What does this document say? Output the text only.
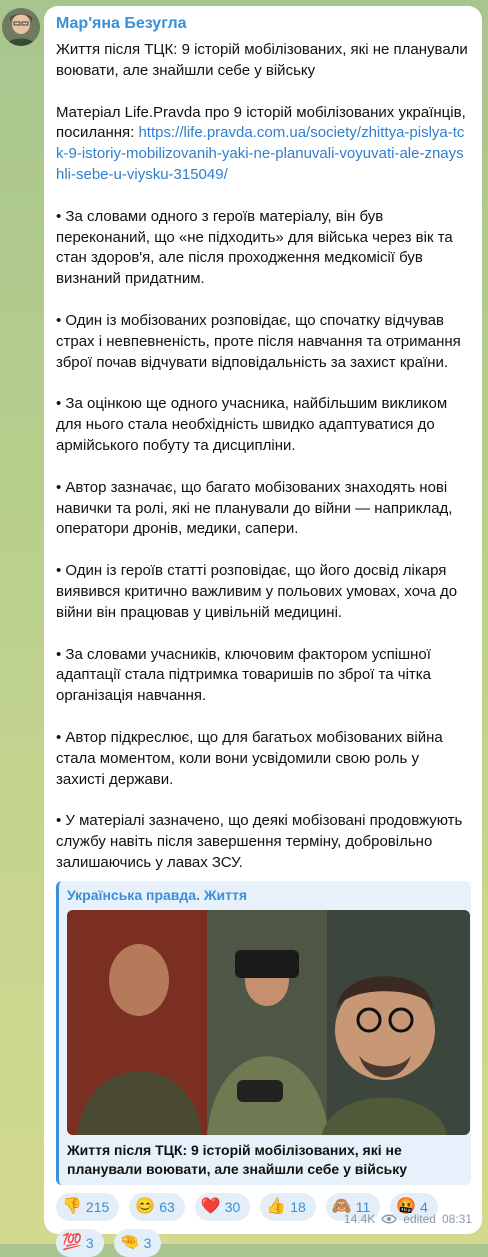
Мар'яна Безугла

Життя після ТЦК: 9 історій мобілізованих, які не планували воювати, але знайшли себе у війську

Матеріал Life.Pravda про 9 історій мобілізованих українців, посилання: https://life.pravda.com.ua/society/zhittya-pislya-tck-9-istoriy-mobilizovanih-yaki-ne-planuvali-voyuvati-ale-znayshli-sebe-u-viysku-315049/

• За словами одного з героїв матеріалу, він був переконаний, що «не підходить» для війська через вік та стан здоров'я, але після проходження медкомісії був визнаний придатним.

• Один із мобізованих розповідає, що спочатку відчував страх і невпевненість, проте після навчання та отримання зброї почав відчувати відповідальність за захист країни.

• За оцінкою ще одного учасника, найбільшим викликом для нього стала необхідність швидко адаптуватися до армійського побуту та дисципліни.

• Автор зазначає, що багато мобізованих знаходять нові навички та ролі, які не планували до війни — наприклад, оператори дронів, медики, сапери.

• Один із героїв статті розповідає, що його досвід лікаря виявився критично важливим у польових умовах, хоча до війни він працював у цивільній медицині.

• За словами учасників, ключовим фактором успішної адаптації стала підтримка товаришів по зброї та чітка організація навчання.

• Автор підкреслює, що для багатьох мобізованих війна стала моментом, коли вони усвідомили свою роль у захисті держави.

• У матеріалі зазначено, що деякі мобізовані продовжують службу навіть після завершення терміну, добровільно залишаючись у лавах ЗСУ.

Українська правда. Життя
Життя після ТЦК: 9 історій мобілізованих, які не планували воювати, але знайшли себе у війську
👎 215 😊 63 ❤️ 30 👍 18 🙈 11 🤬 4
💯 3 🤏 3
14.4K edited 08:31
